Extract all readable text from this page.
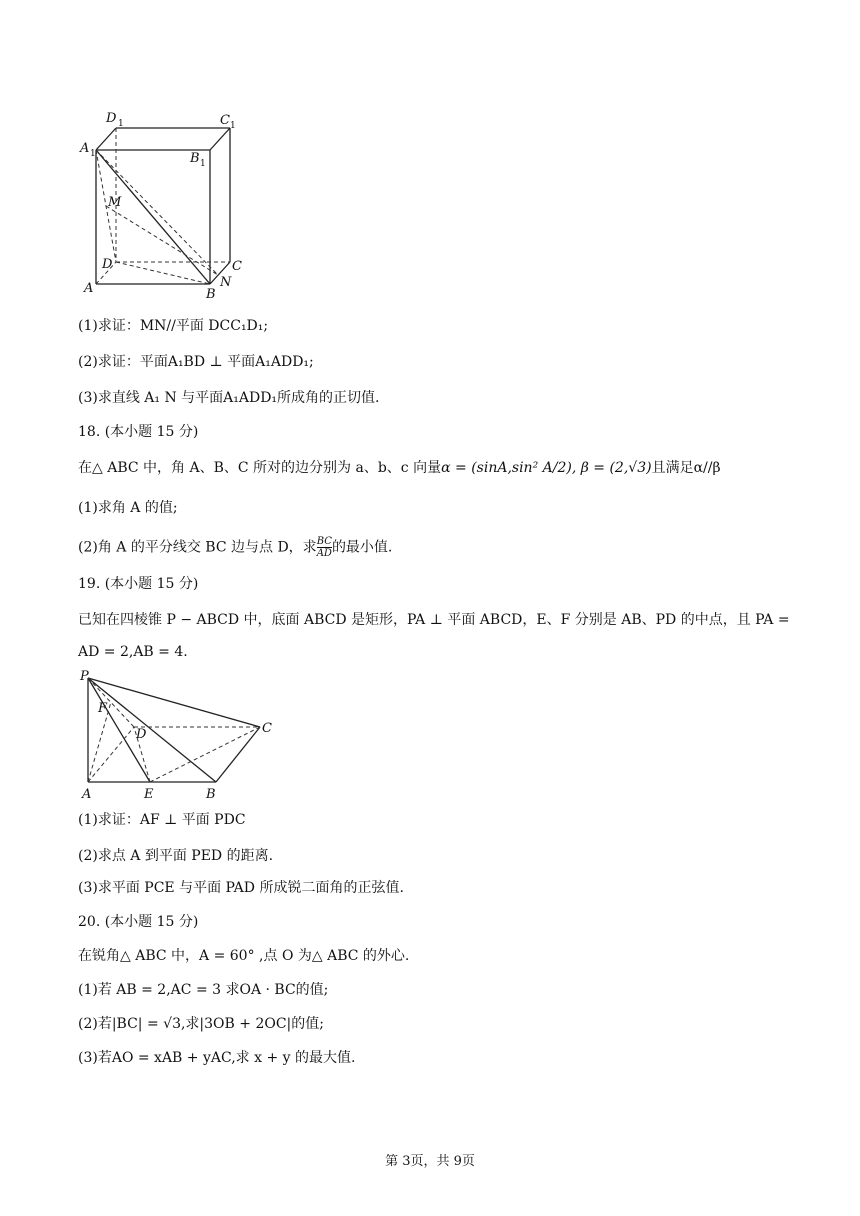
D 1	C 1
A 1	B 1
M
D	C
A	B
N
(1)求证：MN//平面 DCC₁D₁;
(2)求证：平面A₁BD ⊥ 平面A₁ADD₁;
(3)求直线 A₁ N 与平面A₁ADD₁所成角的正切值.
18. (本小题 15 分)
在△ ABC 中，角 A、B、C 所对的边分别为 a、b、c 向量α = (sinA,sin² A/2), β = (2,√3)且满足α//β
(1)求角 A 的值;
(2)角 A 的平分线交 BC 边与点 D，求 $\frac{BC}{AD}$ 的最小值.
19. (本小题 15 分)
已知在四棱锥 P − ABCD 中，底面 ABCD 是矩形，PA ⊥ 平面 ABCD，E、F 分别是 AB、PD 的中点，且 PA =
AD = 2,AB = 4.
P
F
D	C
A	E	B
(1)求证：AF ⊥ 平面 PDC
(2)求点 A 到平面 PED 的距离.
(3)求平面 PCE 与平面 PAD 所成锐二面角的正弦值.
20. (本小题 15 分)
在锐角△ ABC 中，A = 60° ,点 O 为△ ABC 的外心.
(1)若 AB = 2,AC = 3 求OA · BC的值;
(2)若|BC| = √3,求|3OB + 2OC|的值;
(3)若AO = xAB + yAC,求 x + y 的最大值.
第 3页，共 9页
